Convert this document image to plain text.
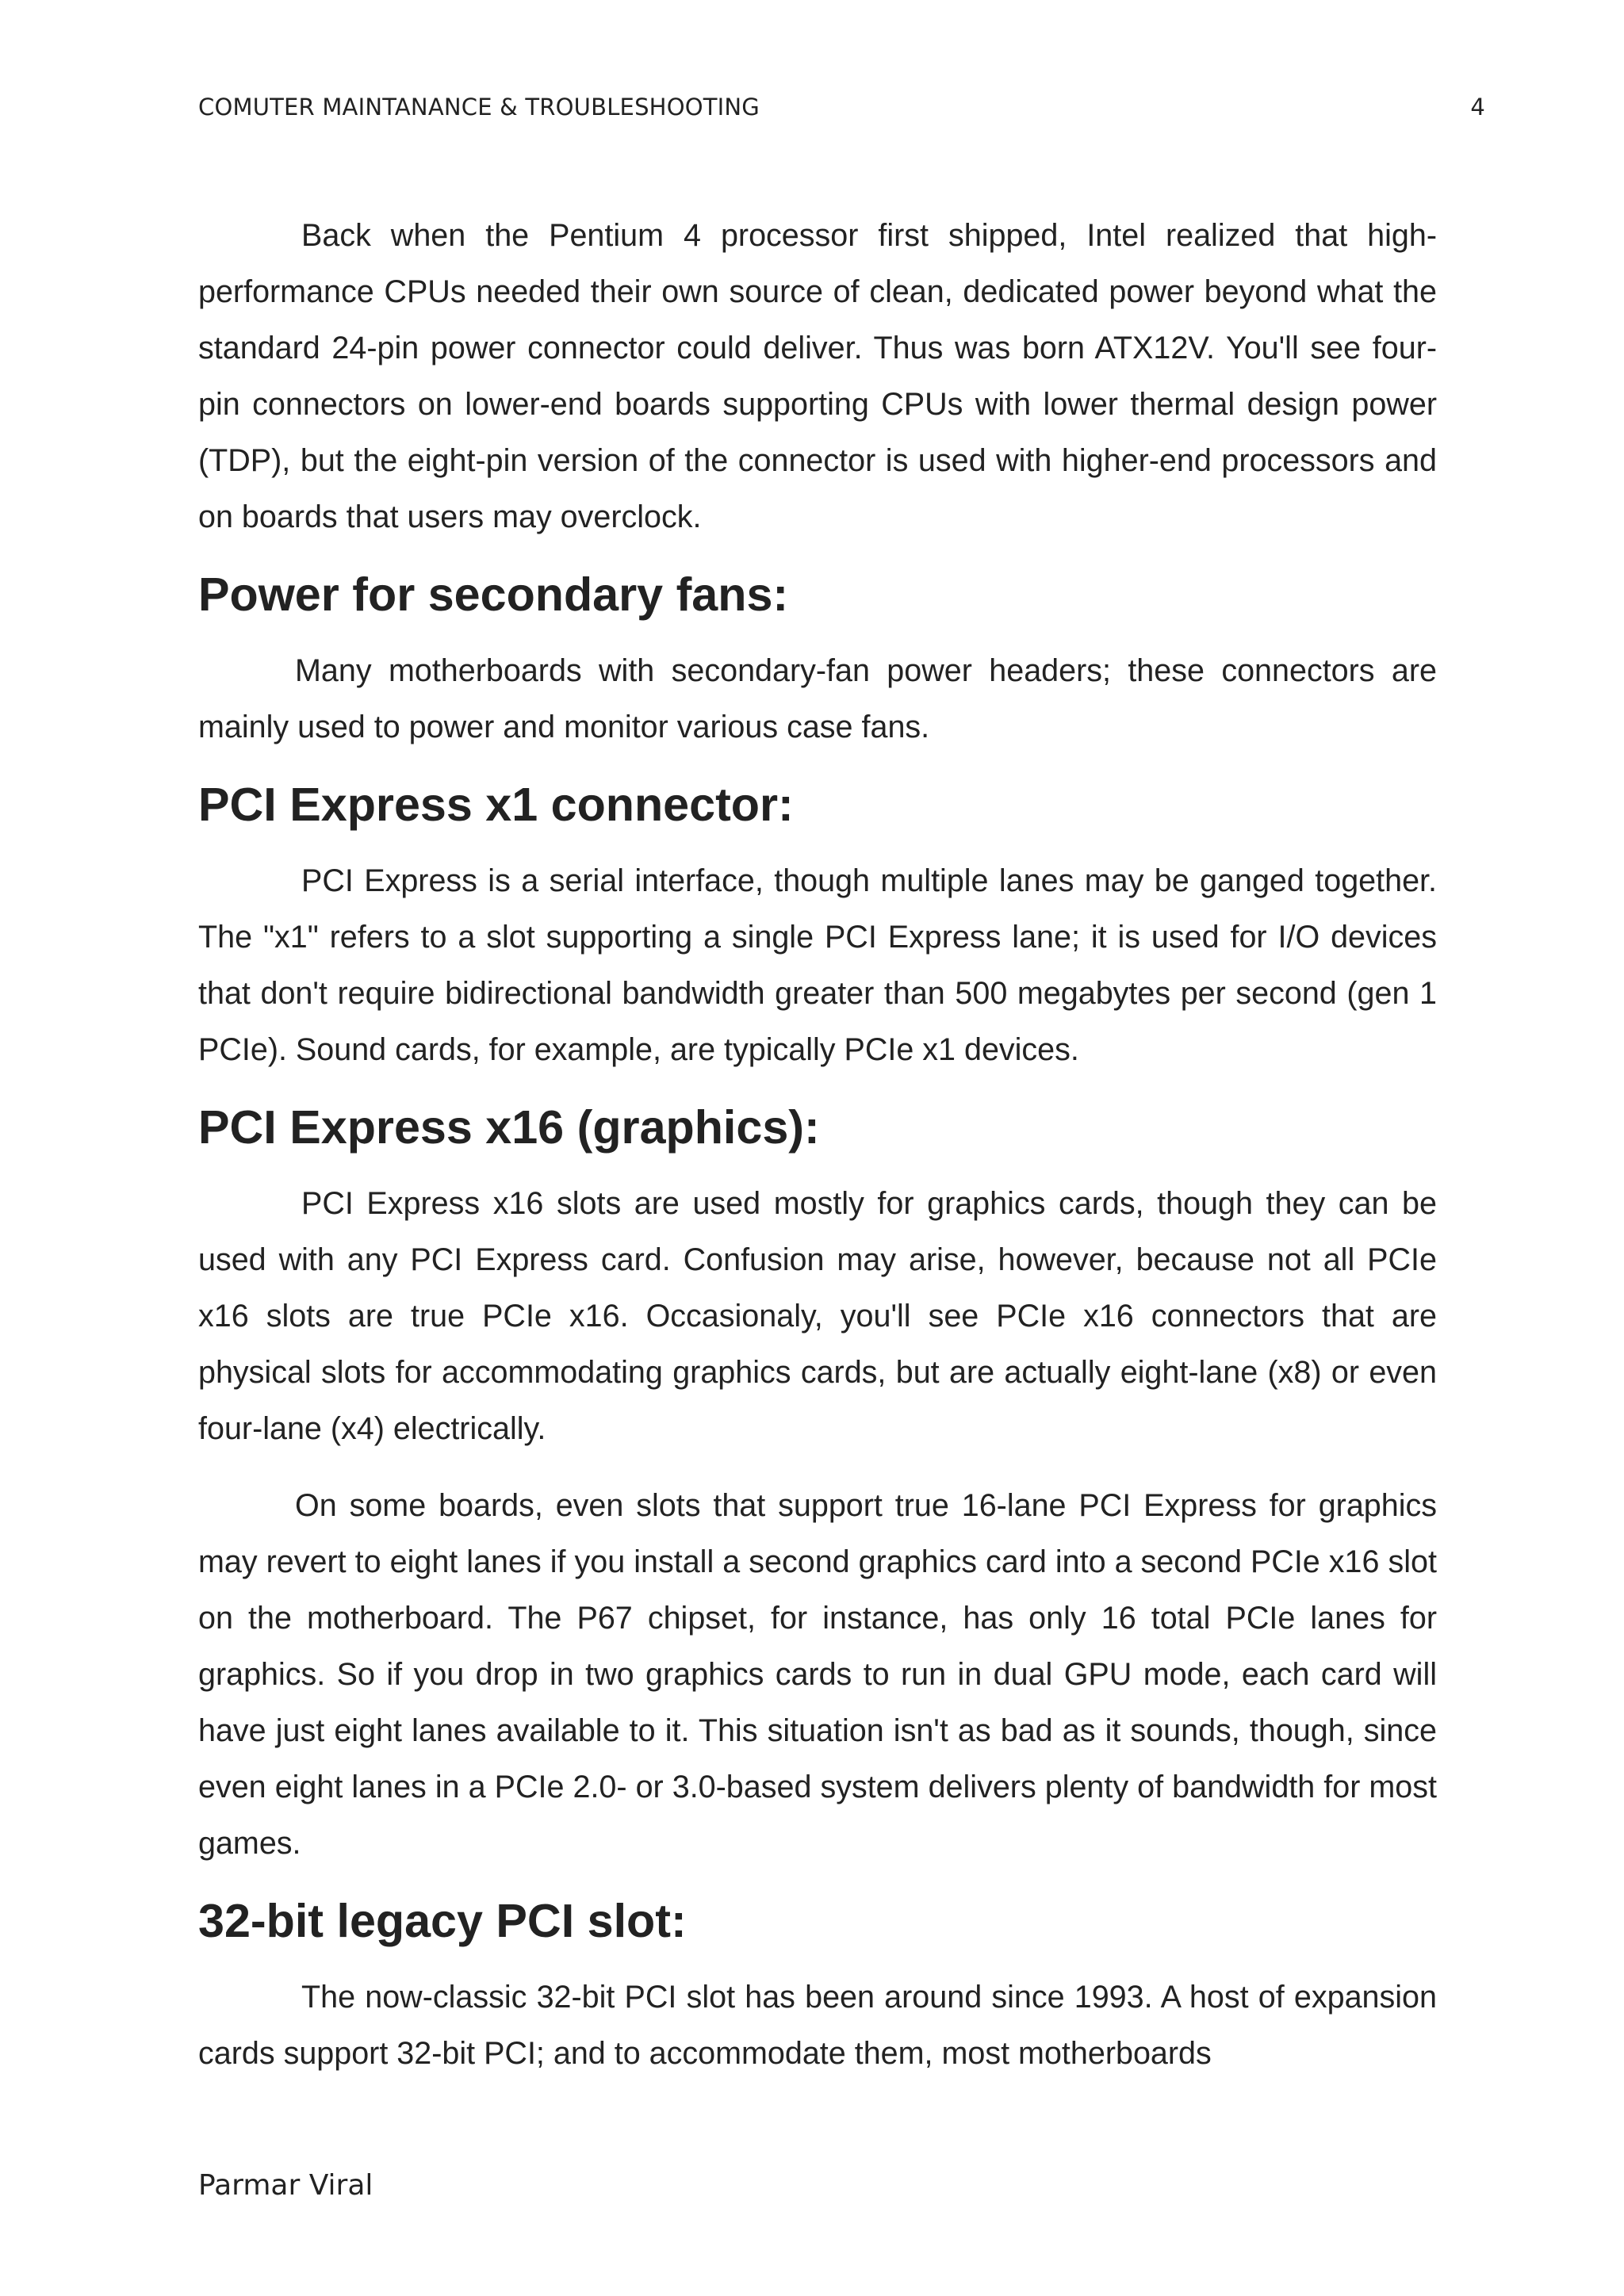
COMUTER MAINTANANCE & TROUBLESHOOTING	4

Back when the Pentium 4 processor first shipped, Intel realized that high-performance CPUs needed their own source of clean, dedicated power beyond what the standard 24-pin power connector could deliver. Thus was born ATX12V. You'll see four-pin connectors on lower-end boards supporting CPUs with lower thermal design power (TDP), but the eight-pin version of the connector is used with higher-end processors and on boards that users may overclock.

Power for secondary fans:

Many motherboards with secondary-fan power headers; these connectors are mainly used to power and monitor various case fans.

PCI Express x1 connector:

PCI Express is a serial interface, though multiple lanes may be ganged together. The "x1" refers to a slot supporting a single PCI Express lane; it is used for I/O devices that don't require bidirectional bandwidth greater than 500 megabytes per second (gen 1 PCIe). Sound cards, for example, are typically PCIe x1 devices.

PCI Express x16 (graphics):

PCI Express x16 slots are used mostly for graphics cards, though they can be used with any PCI Express card. Confusion may arise, however, because not all PCIe x16 slots are true PCIe x16. Occasionaly, you'll see PCIe x16 connectors that are physical slots for accommodating graphics cards, but are actually eight-lane (x8) or even four-lane (x4) electrically.

On some boards, even slots that support true 16-lane PCI Express for graphics may revert to eight lanes if you install a second graphics card into a second PCIe x16 slot on the motherboard. The P67 chipset, for instance, has only 16 total PCIe lanes for graphics. So if you drop in two graphics cards to run in dual GPU mode, each card will have just eight lanes available to it. This situation isn't as bad as it sounds, though, since even eight lanes in a PCIe 2.0- or 3.0-based system delivers plenty of bandwidth for most games.

32-bit legacy PCI slot:

The now-classic 32-bit PCI slot has been around since 1993. A host of expansion cards support 32-bit PCI; and to accommodate them, most motherboards

Parmar Viral
